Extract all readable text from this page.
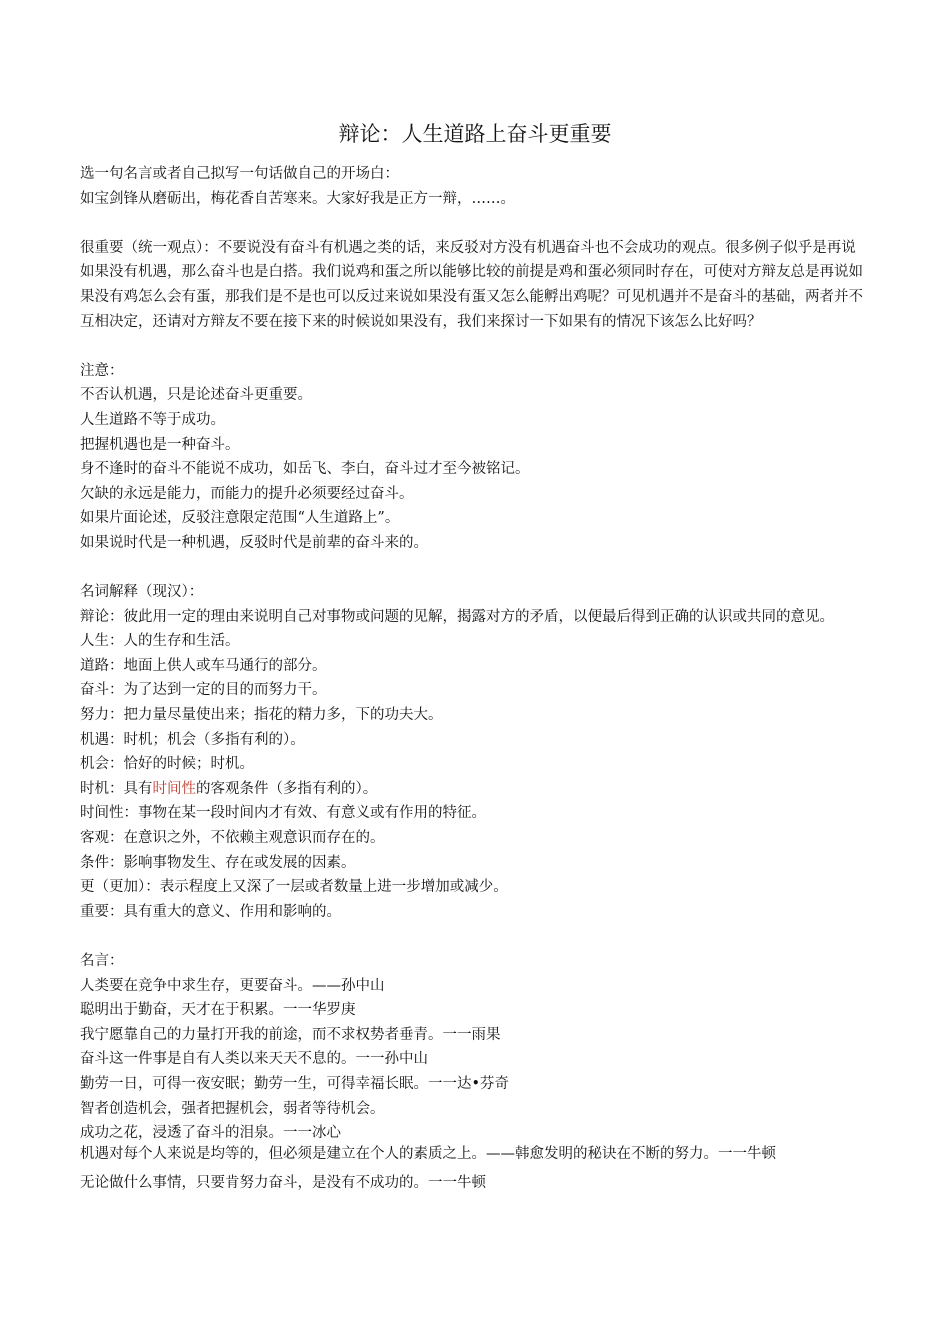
辩论：人生道路上奋斗更重要

选一句名言或者自己拟写一句话做自己的开场白：

如宝剑锋从磨砺出，梅花香自苦寒来。大家好我是正方一辩，……。

很重要（统一观点）：不要说没有奋斗有机遇之类的话，来反驳对方没有机遇奋斗也不会成功的观点。很多例子似乎是再说如果没有机遇，那么奋斗也是白搭。我们说鸡和蛋之所以能够比较的前提是鸡和蛋必须同时存在，可使对方辩友总是再说如果没有鸡怎么会有蛋，那我们是不是也可以反过来说如果没有蛋又怎么能孵出鸡呢？可见机遇并不是奋斗的基础，两者并不互相决定，还请对方辩友不要在接下来的时候说如果没有，我们来探讨一下如果有的情况下该怎么比好吗？

注意：

不否认机遇，只是论述奋斗更重要。

人生道路不等于成功。

把握机遇也是一种奋斗。

身不逢时的奋斗不能说不成功，如岳飞、李白，奋斗过才至今被铭记。

欠缺的永远是能力，而能力的提升必须要经过奋斗。

如果片面论述，反驳注意限定范围“人生道路上”。

如果说时代是一种机遇，反驳时代是前辈的奋斗来的。

名词解释（现汉）：

辩论：彼此用一定的理由来说明自己对事物或问题的见解，揭露对方的矛盾，以便最后得到正确的认识或共同的意见。

人生：人的生存和生活。

道路：地面上供人或车马通行的部分。

奋斗：为了达到一定的目的而努力干。

努力：把力量尽量使出来；指花的精力多，下的功夫大。

机遇：时机；机会（多指有利的）。

机会：恰好的时候；时机。

时机：具有时间性的客观条件（多指有利的）。

时间性：事物在某一段时间内才有效、有意义或有作用的特征。

客观：在意识之外，不依赖主观意识而存在的。

条件：影响事物发生、存在或发展的因素。

更（更加）：表示程度上又深了一层或者数量上进一步增加或减少。

重要：具有重大的意义、作用和影响的。

名言：

人类要在竞争中求生存，更要奋斗。——孙中山

聪明出于勤奋，天才在于积累。一一华罗庚

我宁愿靠自己的力量打开我的前途，而不求权势者垂青。一一雨果

奋斗这一件事是自有人类以来天天不息的。一一孙中山

勤劳一日，可得一夜安眠；勤劳一生，可得幸福长眠。一一达•芬奇

智者创造机会，强者把握机会，弱者等待机会。

成功之花，浸透了奋斗的泪泉。一一冰心

机遇对每个人来说是均等的，但必须是建立在个人的素质之上。——韩愈发明的秘诀在不断的努力。一一牛顿

无论做什么事情，只要肯努力奋斗，是没有不成功的。一一牛顿
